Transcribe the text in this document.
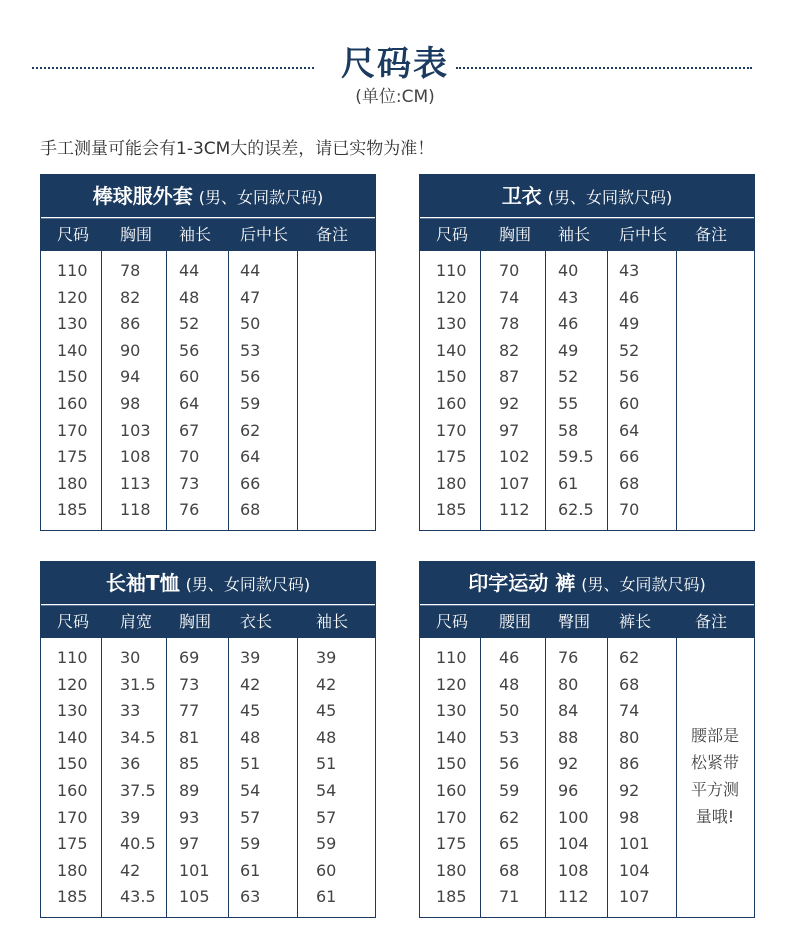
尺码表
(单位:CM)
手工测量可能会有1-3CM大的误差，请已实物为准！
棒球服外套 (男、女同款尺码)
尺码 胸围 袖长 后中长 备注
110 78 44	44
120 82 48	47
130 86 52	50
140 90 56	53
150 94 60	56
160 98 64	59
170 103 67	62
175 108 70	64
180 113 73	66
185 118 76	68
卫衣 (男、女同款尺码)
尺码 胸围 袖长 后中长 备注
110 70 40	43
120 74 43	46
130 78 46	49
140 82 49	52
150 87 52	56
160 92 55	60
170 97 58	64
175 102 59.5 66
180 107 61	68
185 112 62.5 70
长袖T恤 (男、女同款尺码)
尺码 肩宽 胸围 衣长	袖长
110 30 69	39	39
120 31.5 73	42	42
130 33 77	45	45
140 34.5 81	48	48
150 36 85	51	51
160 37.5 89	54	54
170 39 93	57	57
175 40.5 97	59	59
180 42 101 61	60
185 43.5 105 63	61
印字运动 裤 (男、女同款尺码)
尺码 腰围 臀围 裤长	备注
110 46 76	62
120 48 80	68
130 50 84	74
140 53 88	80
150 56 92	86
160 59 96	92
170 62 100 98
175 65 104 101
180 68 108 104
185 71 112 107
腰部是
松紧带
平方测
量哦!
